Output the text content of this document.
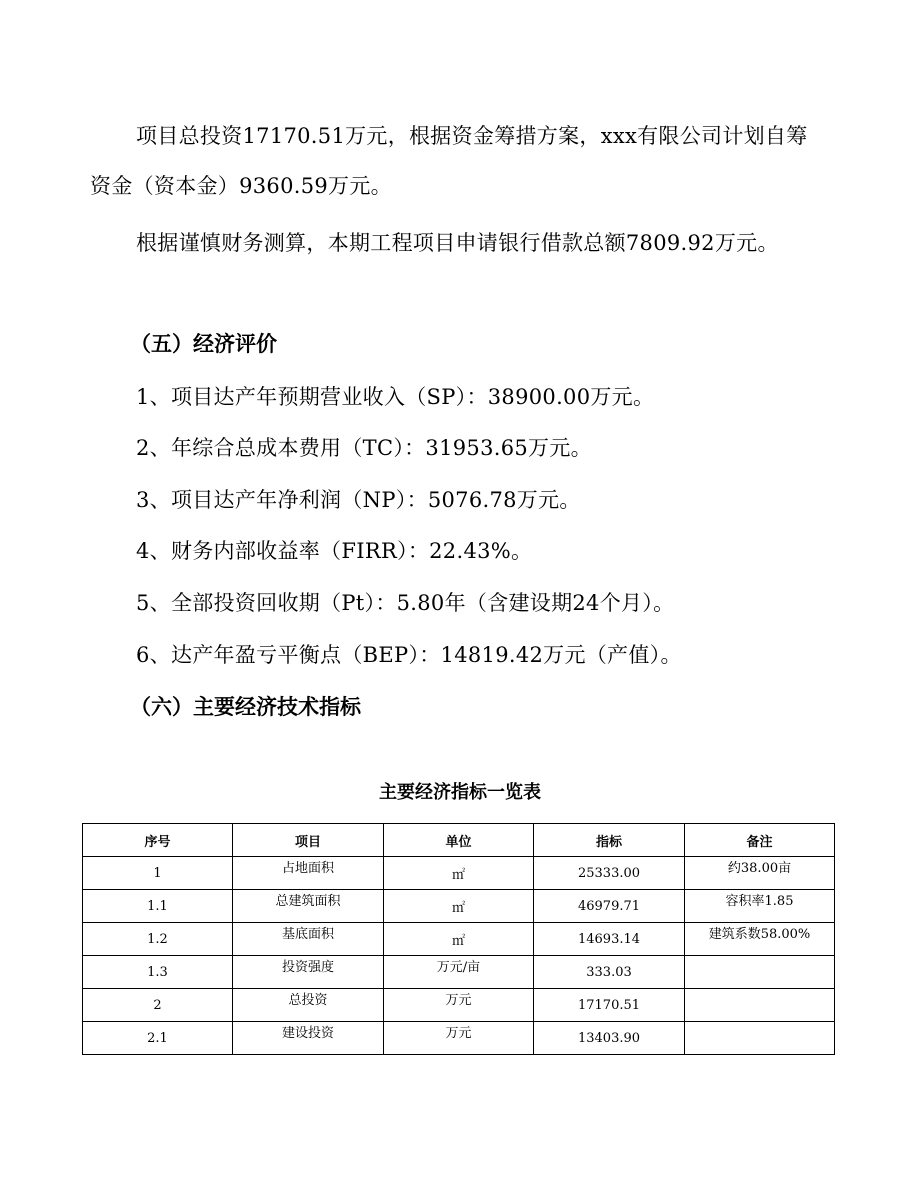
项目总投资17170.51万元，根据资金筹措方案，xxx有限公司计划自筹资金（资本金）9360.59万元。

根据谨慎财务测算，本期工程项目申请银行借款总额7809.92万元。

（五）经济评价

1、项目达产年预期营业收入（SP）：38900.00万元。

2、年综合总成本费用（TC）：31953.65万元。

3、项目达产年净利润（NP）：5076.78万元。

4、财务内部收益率（FIRR）：22.43%。

5、全部投资回收期（Pt）：5.80年（含建设期24个月）。

6、达产年盈亏平衡点（BEP）：14819.42万元（产值）。

（六）主要经济技术指标

主要经济指标一览表

序号	项目	单位	指标	备注
1	占地面积	㎡	25333.00	约38.00亩
1.1	总建筑面积	㎡	46979.71	容积率1.85
1.2	基底面积	㎡	14693.14	建筑系数58.00%
1.3	投资强度	万元/亩	333.03	
2	总投资	万元	17170.51	
2.1	建设投资	万元	13403.90	
